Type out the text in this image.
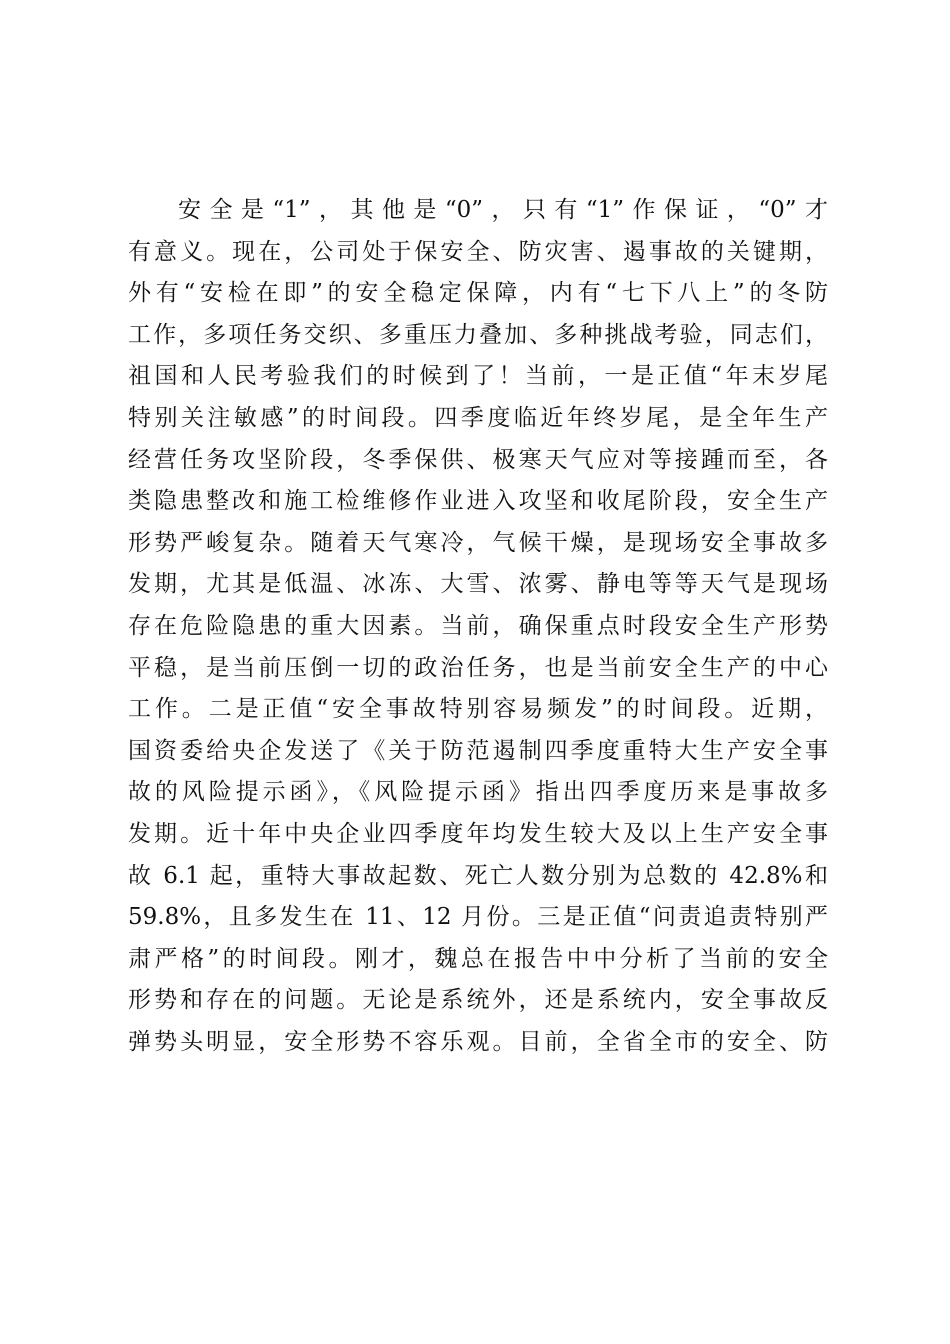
安全是“1”，其他是“0”，只有“1”作保证，“0”才
有意义。现在，公司处于保安全、防灾害、遏事故的关键期，
外有“安检在即”的安全稳定保障，内有“七下八上”的冬防
工作，多项任务交织、多重压力叠加、多种挑战考验，同志们，
祖国和人民考验我们的时候到了！当前，一是正值“年末岁尾
特别关注敏感”的时间段。四季度临近年终岁尾，是全年生产
经营任务攻坚阶段，冬季保供、极寒天气应对等接踵而至，各
类隐患整改和施工检维修作业进入攻坚和收尾阶段，安全生产
形势严峻复杂。随着天气寒冷，气候干燥，是现场安全事故多
发期，尤其是低温、冰冻、大雪、浓雾、静电等等天气是现场
存在危险隐患的重大因素。当前，确保重点时段安全生产形势
平稳，是当前压倒一切的政治任务，也是当前安全生产的中心
工作。二是正值“安全事故特别容易频发”的时间段。近期，
国资委给央企发送了《关于防范遏制四季度重特大生产安全事
故的风险提示函》，《风险提示函》指出四季度历来是事故多
发期。近十年中央企业四季度年均发生较大及以上生产安全事
故 6.1 起，重特大事故起数、死亡人数分别为总数的 42.8%和
59.8%，且多发生在 11、12 月份。三是正值“问责追责特别严
肃严格”的时间段。刚才，魏总在报告中中分析了当前的安全
形势和存在的问题。无论是系统外，还是系统内，安全事故反
弹势头明显，安全形势不容乐观。目前，全省全市的安全、防
